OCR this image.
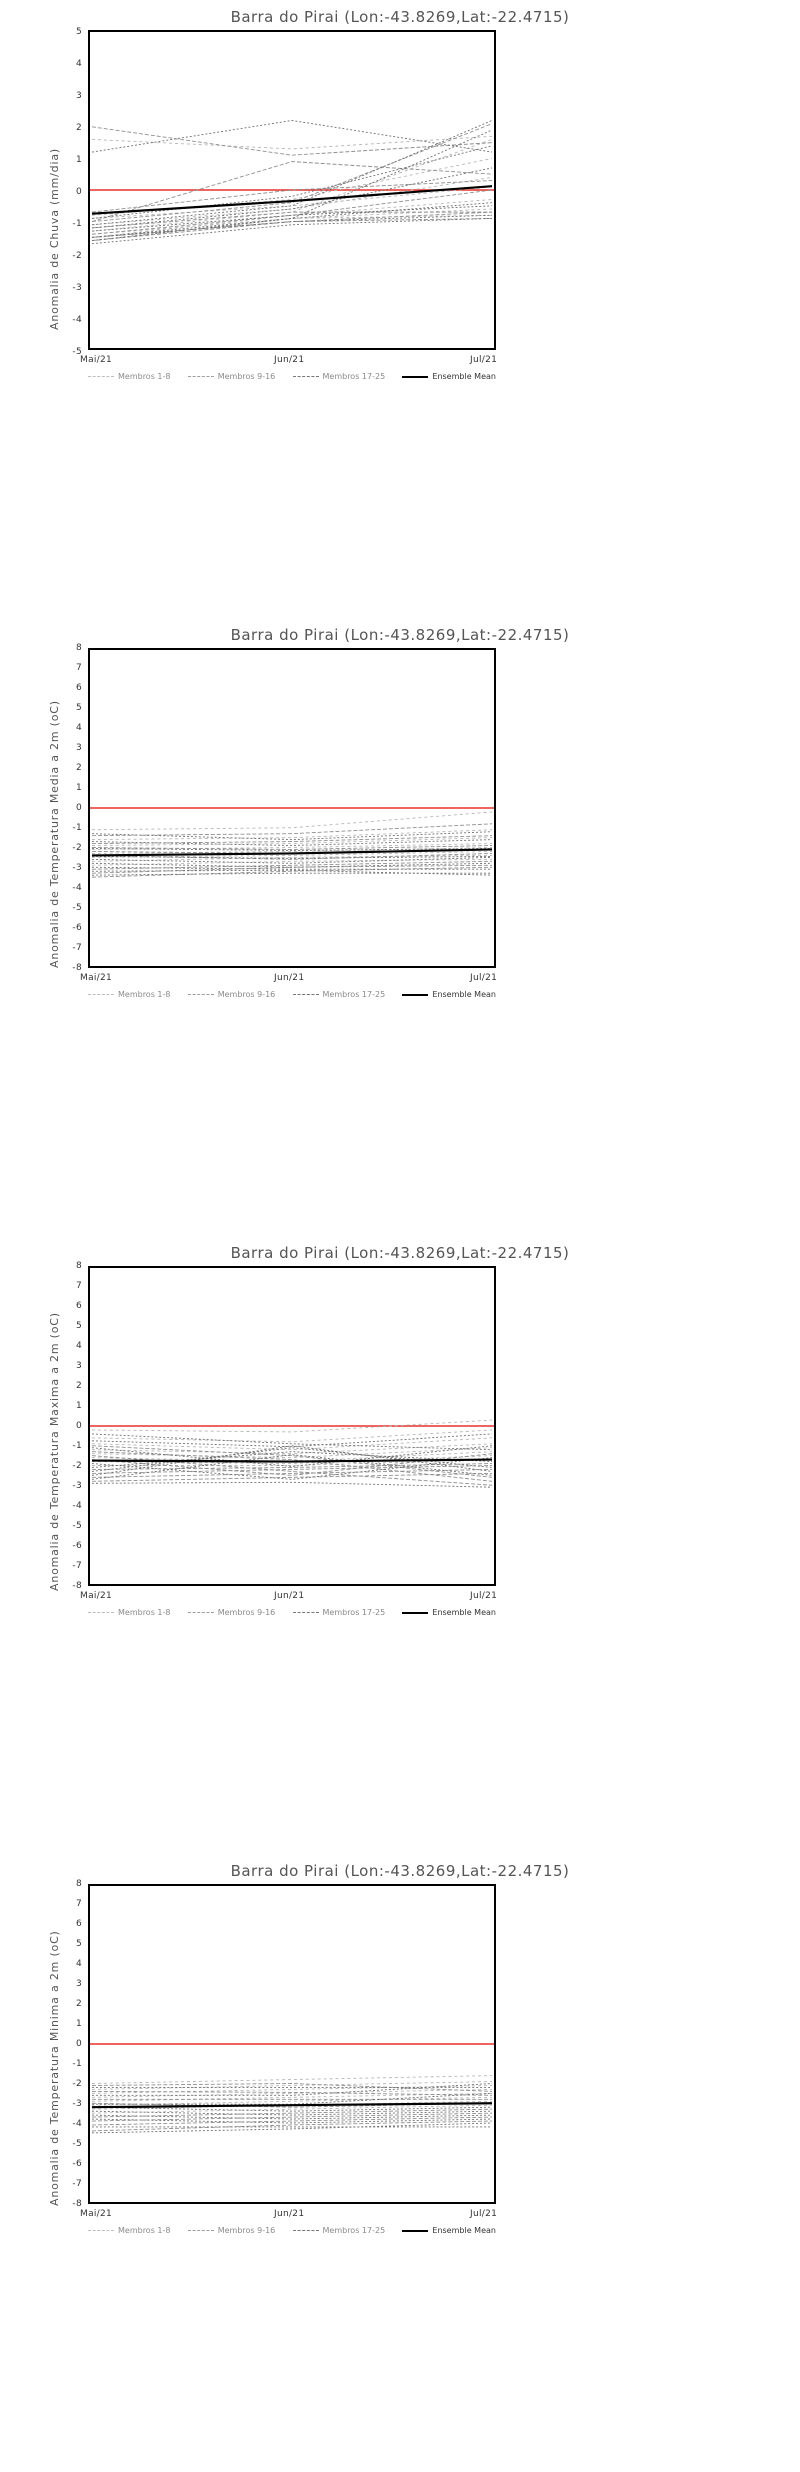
Barra do Pirai (Lon:-43.8269,Lat:-22.4715)
Anomalia de Chuva (mm/dia)
5
4
3
2
1
0
-1
-2
-3
-4
-5
Mai/21	Jun/21	Jul/21
Membros 1-8	Membros 9-16	Membros 17-25	Ensemble Mean
Barra do Pirai (Lon:-43.8269,Lat:-22.4715)
Anomalia de Temperatura Media a 2m (oC)
8
7
6
5
4
3
2
1
0
-1
-2
-3
-4
-5
-6
-7
-8
Mai/21	Jun/21	Jul/21
Membros 1-8	Membros 9-16	Membros 17-25	Ensemble Mean
Barra do Pirai (Lon:-43.8269,Lat:-22.4715)
Anomalia de Temperatura Maxima a 2m (oC)
8
7
6
5
4
3
2
1
0
-1
-2
-3
-4
-5
-6
-7
-8
Mai/21	Jun/21	Jul/21
Membros 1-8	Membros 9-16	Membros 17-25	Ensemble Mean
Barra do Pirai (Lon:-43.8269,Lat:-22.4715)
Anomalia de Temperatura Minima a 2m (oC)
8
7
6
5
4
3
2
1
0
-1
-2
-3
-4
-5
-6
-7
-8
Mai/21	Jun/21	Jul/21
Membros 1-8	Membros 9-16	Membros 17-25	Ensemble Mean
